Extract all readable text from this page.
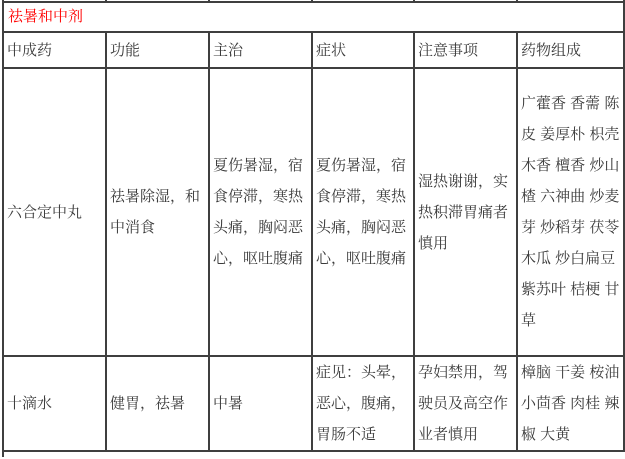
祛暑和中剂					
中成药	功能	主治	症状	注意事项	药物组成
六合定中丸	祛暑除湿，和中消食	夏伤暑湿，宿食停滞，寒热头痛，胸闷恶心，呕吐腹痛	夏伤暑湿，宿食停滞，寒热头痛，胸闷恶心，呕吐腹痛	湿热谢谢，实热积滞胃痛者慎用	广藿香 香薷 陈皮 姜厚朴 枳壳 木香 檀香 炒山楂 六神曲 炒麦芽 炒稻芽 茯苓 木瓜 炒白扁豆 紫苏叶 桔梗 甘草
十滴水	健胃，祛暑	中暑	症见：头晕，恶心，腹痛，胃肠不适	孕妇禁用，驾驶员及高空作业者慎用	樟脑 干姜 桉油 小茴香 肉桂 辣椒 大黄
